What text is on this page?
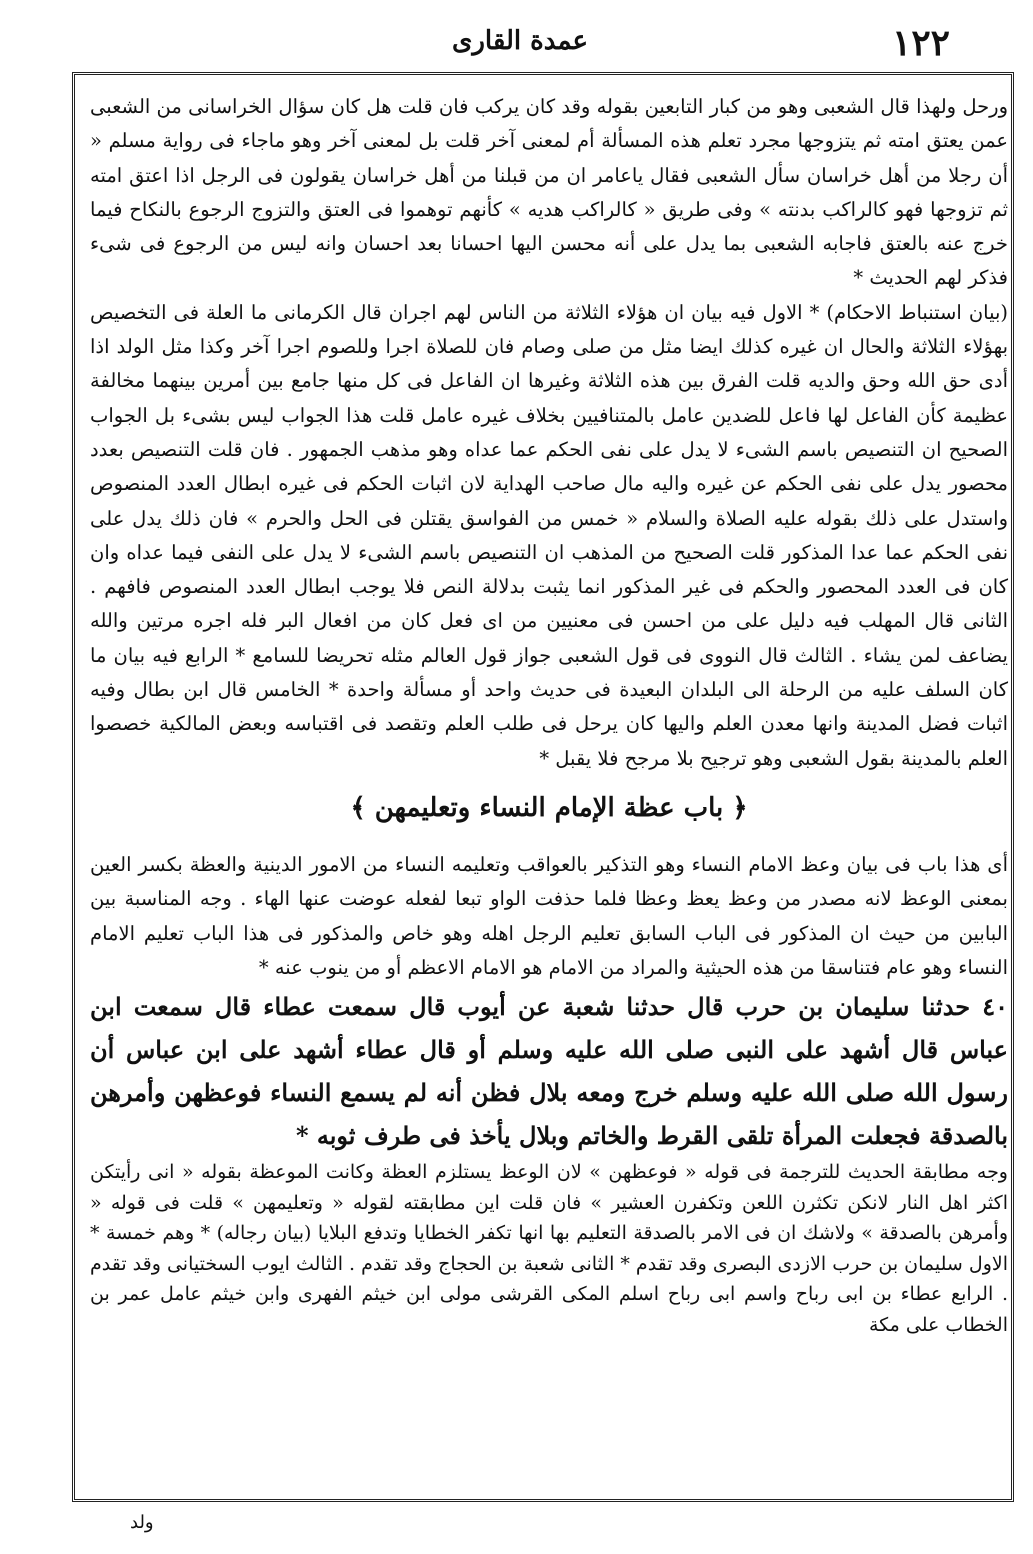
١٢٢
عمدة القارى

ورحل ولهذا قال الشعبى وهو من كبار التابعين بقوله وقد كان يركب فان قلت هل كان سؤال الخراسانى من الشعبى عمن يعتق امته ثم يتزوجها مجرد تعلم هذه المسألة أم لمعنى آخر قلت بل لمعنى آخر وهو ماجاء فى رواية مسلم « أن رجلا من أهل خراسان سأل الشعبى فقال ياعامر ان من قبلنا من أهل خراسان يقولون فى الرجل اذا اعتق امته ثم تزوجها فهو كالراكب بدنته » وفى طريق « كالراكب هديه » كأنهم توهموا فى العتق والتزوج الرجوع بالنكاح فيما خرج عنه بالعتق فاجابه الشعبى بما يدل على أنه محسن اليها احسانا بعد احسان وانه ليس من الرجوع فى شىء فذكر لهم الحديث *

(بيان استنباط الاحكام) * الاول فيه بيان ان هؤلاء الثلاثة من الناس لهم اجران قال الكرمانى ما العلة فى التخصيص بهؤلاء الثلاثة والحال ان غيره كذلك ايضا مثل من صلى وصام فان للصلاة اجرا وللصوم اجرا آخر وكذا مثل الولد اذا أدى حق الله وحق والديه قلت الفرق بين هذه الثلاثة وغيرها ان الفاعل فى كل منها جامع بين أمرين بينهما مخالفة عظيمة كأن الفاعل لها فاعل للضدين عامل بالمتنافيين بخلاف غيره عامل قلت هذا الجواب ليس بشىء بل الجواب الصحيح ان التنصيص باسم الشىء لا يدل على نفى الحكم عما عداه وهو مذهب الجمهور . فان قلت التنصيص بعدد محصور يدل على نفى الحكم عن غيره واليه مال صاحب الهداية لان اثبات الحكم فى غيره ابطال العدد المنصوص واستدل على ذلك بقوله عليه الصلاة والسلام « خمس من الفواسق يقتلن فى الحل والحرم » فان ذلك يدل على نفى الحكم عما عدا المذكور قلت الصحيح من المذهب ان التنصيص باسم الشىء لا يدل على النفى فيما عداه وان كان فى العدد المحصور والحكم فى غير المذكور انما يثبت بدلالة النص فلا يوجب ابطال العدد المنصوص فافهم . الثانى قال المهلب فيه دليل على من احسن فى معنيين من اى فعل كان من افعال البر فله اجره مرتين والله يضاعف لمن يشاء . الثالث قال النووى فى قول الشعبى جواز قول العالم مثله تحريضا للسامع * الرابع فيه بيان ما كان السلف عليه من الرحلة الى البلدان البعيدة فى حديث واحد أو مسألة واحدة * الخامس قال ابن بطال وفيه اثبات فضل المدينة وانها معدن العلم واليها كان يرحل فى طلب العلم وتقصد فى اقتباسه وبعض المالكية خصصوا العلم بالمدينة بقول الشعبى وهو ترجيح بلا مرجح فلا يقبل *

﴿ باب عظة الإمام النساء وتعليمهن ﴾

أى هذا باب فى بيان وعظ الامام النساء وهو التذكير بالعواقب وتعليمه النساء من الامور الدينية والعظة بكسر العين بمعنى الوعظ لانه مصدر من وعظ يعظ وعظا فلما حذفت الواو تبعا لفعله عوضت عنها الهاء . وجه المناسبة بين البابين من حيث ان المذكور فى الباب السابق تعليم الرجل اهله وهو خاص والمذكور فى هذا الباب تعليم الامام النساء وهو عام فتناسقا من هذه الحيثية والمراد من الامام هو الامام الاعظم أو من ينوب عنه *

٤٠ حدثنا سليمان بن حرب قال حدثنا شعبة عن أيوب قال سمعت عطاء قال سمعت ابن عباس قال أشهد على النبى صلى الله عليه وسلم أو قال عطاء أشهد على ابن عباس أن رسول الله صلى الله عليه وسلم خرج ومعه بلال فظن أنه لم يسمع النساء فوعظهن وأمرهن بالصدقة فجعلت المرأة تلقى القرط والخاتم وبلال يأخذ فى طرف ثوبه *

وجه مطابقة الحديث للترجمة فى قوله « فوعظهن » لان الوعظ يستلزم العظة وكانت الموعظة بقوله « انى رأيتكن اكثر اهل النار لانكن تكثرن اللعن وتكفرن العشير » فان قلت اين مطابقته لقوله « وتعليمهن » قلت فى قوله « وأمرهن بالصدقة » ولاشك ان فى الامر بالصدقة التعليم بها انها تكفر الخطايا وتدفع البلايا (بيان رجاله) * وهم خمسة * الاول سليمان بن حرب الازدى البصرى وقد تقدم * الثانى شعبة بن الحجاج وقد تقدم . الثالث ايوب السختيانى وقد تقدم . الرابع عطاء بن ابى رباح واسم ابى رباح اسلم المكى القرشى مولى ابن خيثم الفهرى وابن خيثم عامل عمر بن الخطاب على مكة

ولد
